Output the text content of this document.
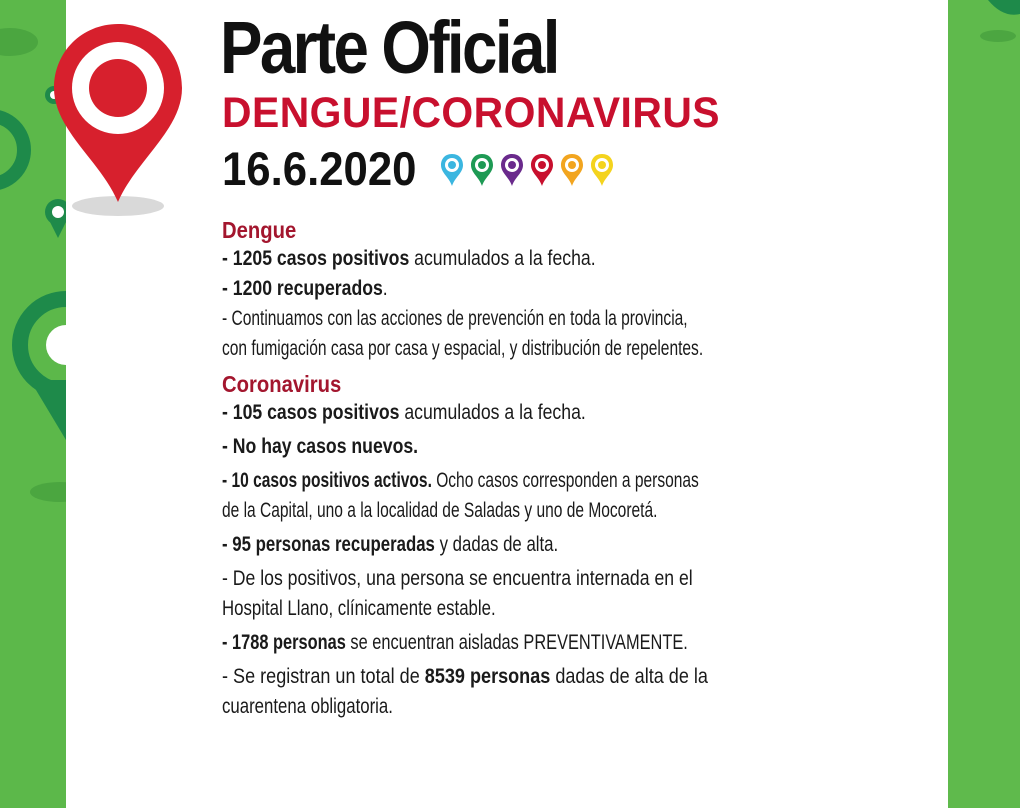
Parte Oficial
DENGUE/CORONAVIRUS
16.6.2020

Dengue

- 1205 casos positivos acumulados a la fecha.

- 1200 recuperados.

- Continuamos con las acciones de prevención en toda la provincia,

con fumigación casa por casa y espacial, y distribución de repelentes.

Coronavirus

- 105 casos positivos acumulados a la fecha.

- No hay casos nuevos.

- 10 casos positivos activos. Ocho casos corresponden a personas

de la Capital, uno a la localidad de Saladas y uno de Mocoretá.

- 95 personas recuperadas y dadas de alta.

- De los positivos, una persona se encuentra internada en el

Hospital Llano, clínicamente estable.

- 1788 personas se encuentran aisladas PREVENTIVAMENTE.

- Se registran un total de 8539 personas dadas de alta de la

cuarentena obligatoria.
